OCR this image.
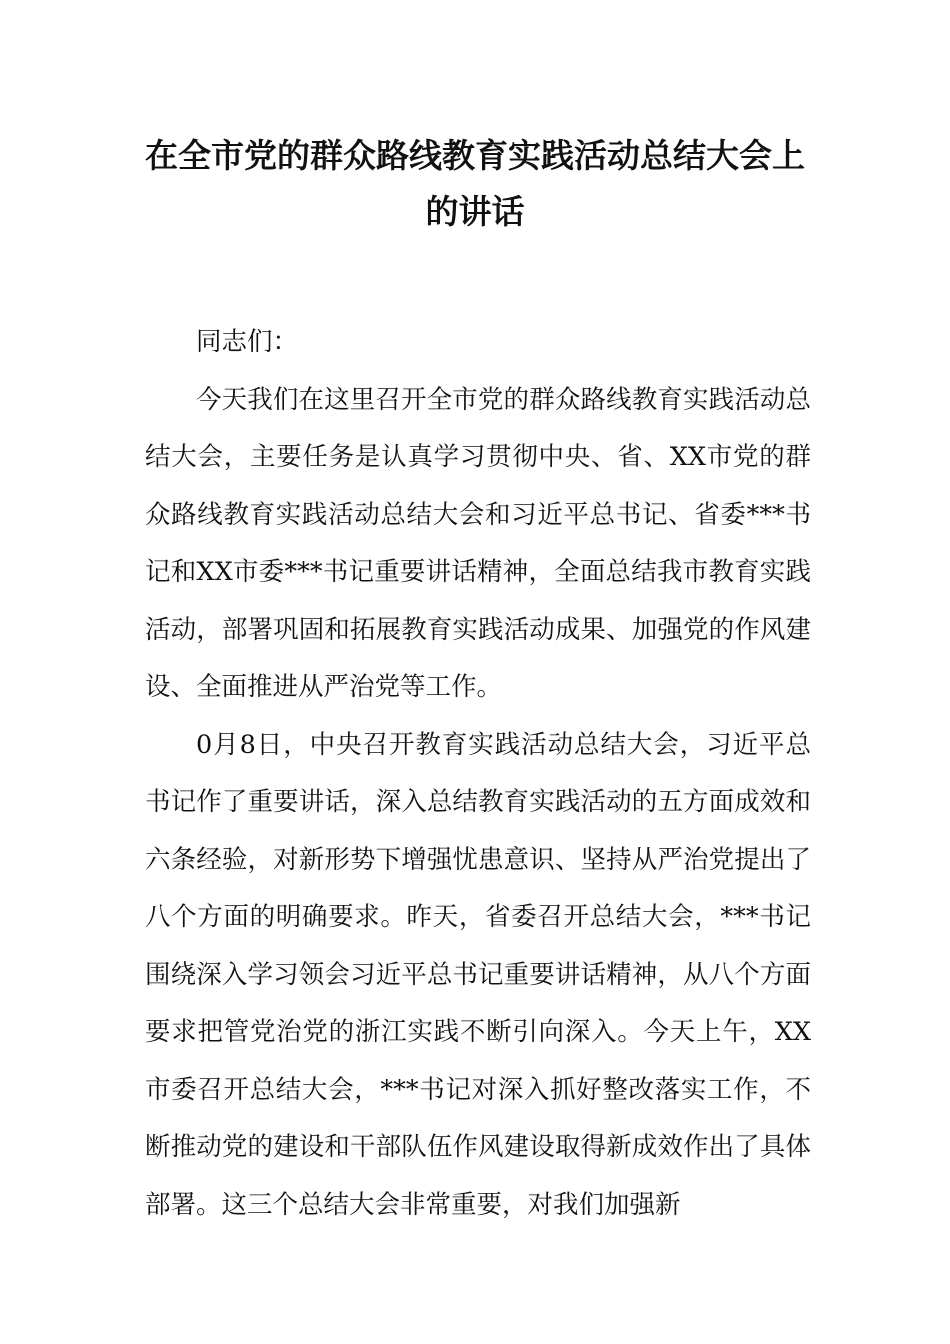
在全市党的群众路线教育实践活动总结大会上的讲话

同志们：

今天我们在这里召开全市党的群众路线教育实践活动总结大会，主要任务是认真学习贯彻中央、省、XX市党的群众路线教育实践活动总结大会和习近平总书记、省委***书记和XX市委***书记重要讲话精神，全面总结我市教育实践活动，部署巩固和拓展教育实践活动成果、加强党的作风建设、全面推进从严治党等工作。

0月8日，中央召开教育实践活动总结大会，习近平总书记作了重要讲话，深入总结教育实践活动的五方面成效和六条经验，对新形势下增强忧患意识、坚持从严治党提出了八个方面的明确要求。昨天，省委召开总结大会，***书记围绕深入学习领会习近平总书记重要讲话精神，从八个方面要求把管党治党的浙江实践不断引向深入。今天上午，XX市委召开总结大会，***书记对深入抓好整改落实工作，不断推动党的建设和干部队伍作风建设取得新成效作出了具体部署。这三个总结大会非常重要，对我们加强新
